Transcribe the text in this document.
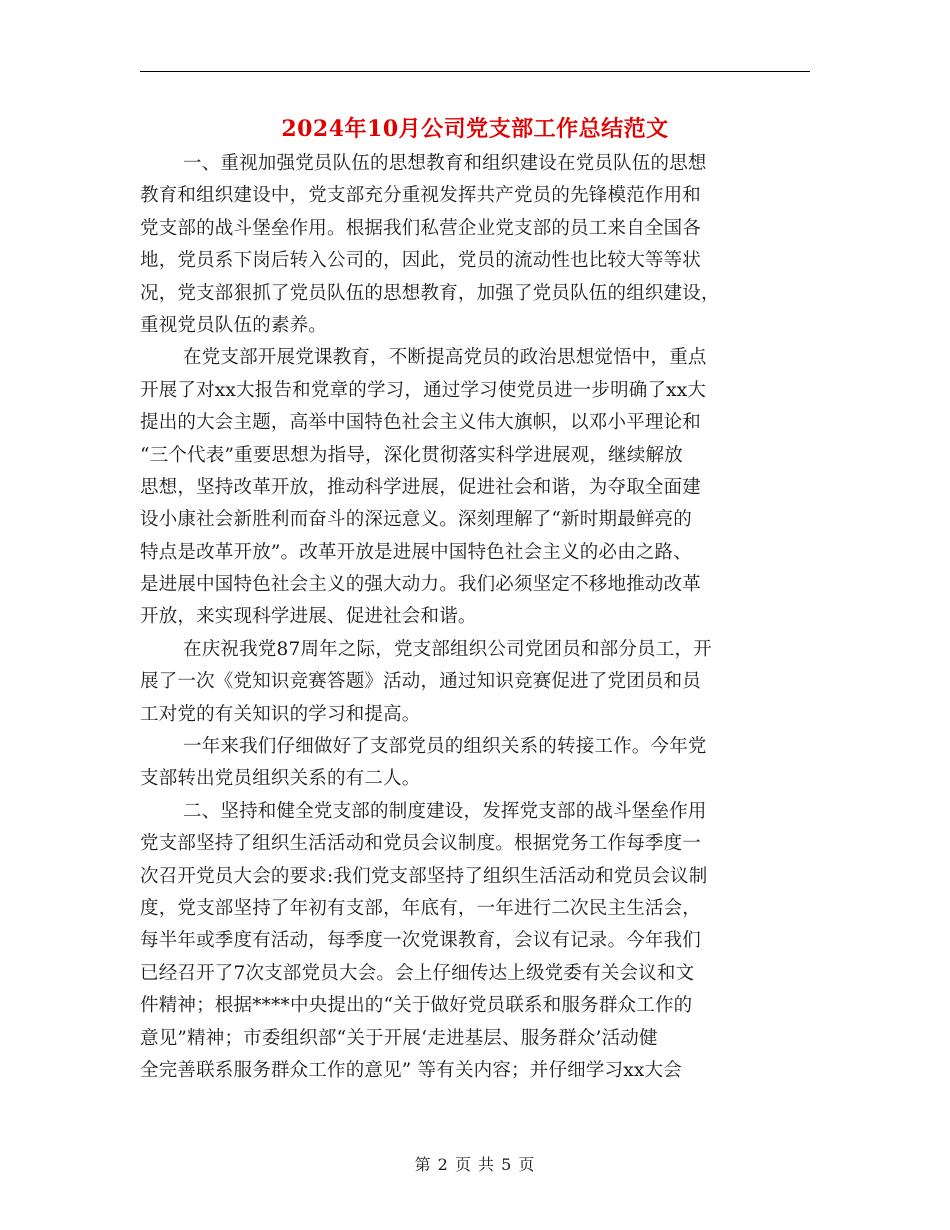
2024年10月公司党支部工作总结范文
一、重视加强党员队伍的思想教育和组织建设在党员队伍的思想
教育和组织建设中，党支部充分重视发挥共产党员的先锋模范作用和
党支部的战斗堡垒作用。根据我们私营企业党支部的员工来自全国各
地，党员系下岗后转入公司的，因此，党员的流动性也比较大等等状
况，党支部狠抓了党员队伍的思想教育，加强了党员队伍的组织建设，
重视党员队伍的素养。
在党支部开展党课教育，不断提高党员的政治思想觉悟中，重点
开展了对xx大报告和党章的学习，通过学习使党员进一步明确了xx大
提出的大会主题，高举中国特色社会主义伟大旗帜，以邓小平理论和
“三个代表”重要思想为指导，深化贯彻落实科学进展观，继续解放
思想，坚持改革开放，推动科学进展，促进社会和谐，为夺取全面建
设小康社会新胜利而奋斗的深远意义。深刻理解了“新时期最鲜亮的
特点是改革开放”。改革开放是进展中国特色社会主义的必由之路、
是进展中国特色社会主义的强大动力。我们必须坚定不移地推动改革
开放，来实现科学进展、促进社会和谐。
在庆祝我党87周年之际，党支部组织公司党团员和部分员工，开
展了一次《党知识竞赛答题》活动，通过知识竞赛促进了党团员和员
工对党的有关知识的学习和提高。
一年来我们仔细做好了支部党员的组织关系的转接工作。今年党
支部转出党员组织关系的有二人。
二、坚持和健全党支部的制度建设，发挥党支部的战斗堡垒作用
党支部坚持了组织生活活动和党员会议制度。根据党务工作每季度一
次召开党员大会的要求:我们党支部坚持了组织生活活动和党员会议制
度，党支部坚持了年初有支部，年底有，一年进行二次民主生活会，
每半年或季度有活动，每季度一次党课教育，会议有记录。今年我们
已经召开了7次支部党员大会。会上仔细传达上级党委有关会议和文
件精神；根据****中央提出的“关于做好党员联系和服务群众工作的
意见”精神；市委组织部“关于开展‘走进基层、服务群众’活动健
全完善联系服务群众工作的意见” 等有关内容；并仔细学习xx大会
第 2 页 共 5 页
